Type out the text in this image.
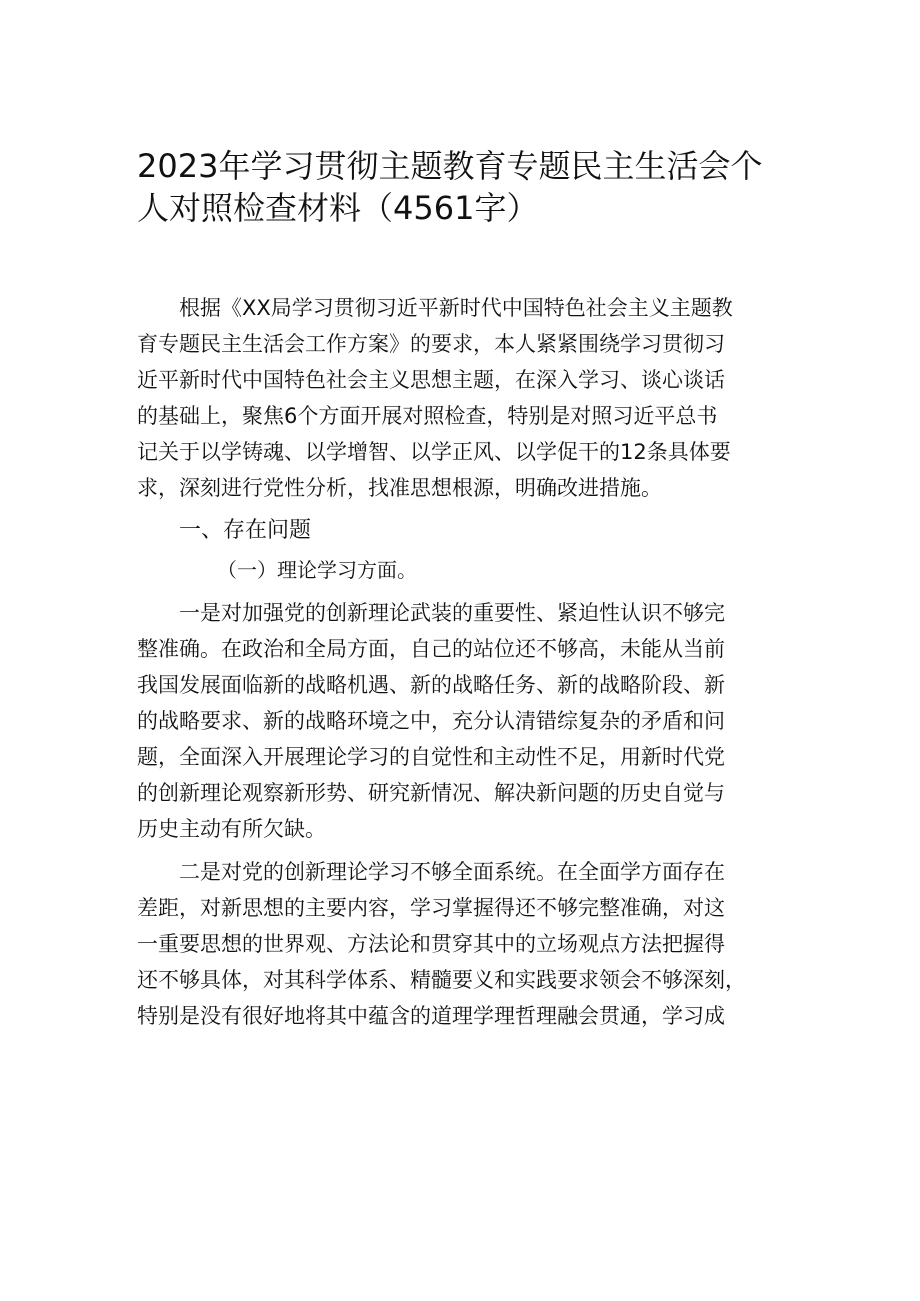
2023年学习贯彻主题教育专题民主生活会个
人对照检查材料（4561字）

根据《XX局学习贯彻习近平新时代中国特色社会主义主题教
育专题民主生活会工作方案》的要求，本人紧紧围绕学习贯彻习
近平新时代中国特色社会主义思想主题，在深入学习、谈心谈话
的基础上，聚焦6个方面开展对照检查，特别是对照习近平总书
记关于以学铸魂、以学增智、以学正风、以学促干的12条具体要
求，深刻进行党性分析，找准思想根源，明确改进措施。

一、存在问题

（一）理论学习方面。

一是对加强党的创新理论武装的重要性、紧迫性认识不够完
整准确。在政治和全局方面，自己的站位还不够高，未能从当前
我国发展面临新的战略机遇、新的战略任务、新的战略阶段、新
的战略要求、新的战略环境之中，充分认清错综复杂的矛盾和问
题，全面深入开展理论学习的自觉性和主动性不足，用新时代党
的创新理论观察新形势、研究新情况、解决新问题的历史自觉与
历史主动有所欠缺。

二是对党的创新理论学习不够全面系统。在全面学方面存在
差距，对新思想的主要内容，学习掌握得还不够完整准确，对这
一重要思想的世界观、方法论和贯穿其中的立场观点方法把握得
还不够具体，对其科学体系、精髓要义和实践要求领会不够深刻，
特别是没有很好地将其中蕴含的道理学理哲理融会贯通，学习成
